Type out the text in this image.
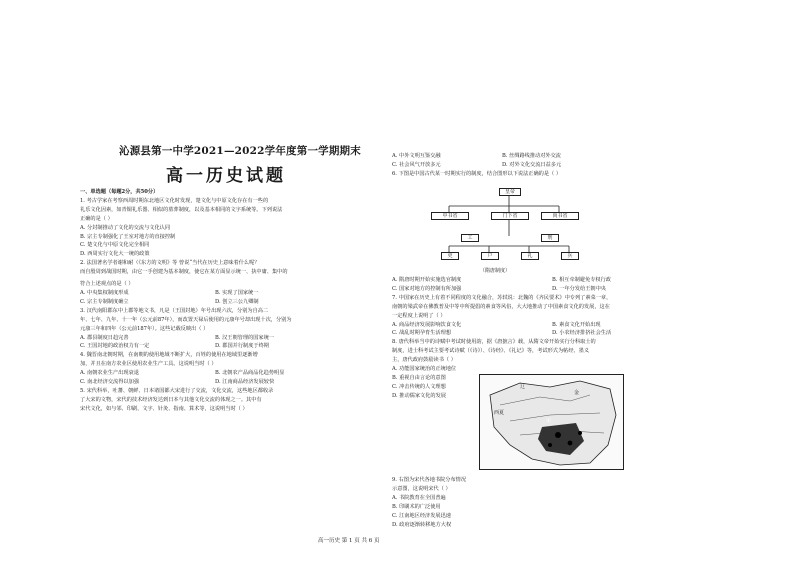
沁源县第一中学2021—2022学年度第一学期期末
高一历史试题
一、单选题（每题2分，共50分）
1. 考古学家在考察西周时期东北地区文化时发现，楚文化与中原文化存在有一些的
礼乐文化因素，如青铜礼乐器、相似的墓葬制度，以及基本相同的文字系统等。下列说法
正确的是（ ）
A. 分封制推动了文化的交流与文化认同
B. 宗主专制强化了王室对地方的直接控制
C. 楚文化与中原文化完全相同
D. 西周实行文化大一统的政策
2. 法国著名学者谢和耐（《东方的文明》等 曾说“当代在历史上意味着什么呢？
而自殷周到战国时期，由它一手创建为基本制度，使它在某方面显示统一、执中庸、集中的
符合上述观点的是（ ）
A. 中央集权制度形成	B. 实现了国家统一
C. 宗主专制制度确立	D. 创立三公九卿制
3. 汉代南阳郡东中上郡等地文书，凡是（王国封地）年号出现六次，分别为自高二
年、七年、九年、十一年（公元前87年），而改置天禄后使用的元康年号却出现十次，分别为
元康三年和四年（公元前187年）。这些记载反映出（ ）
A. 郡县制度日趋完善	B. 汉王朝管理的国家统一
C. 王国封地的政治权力有一定	D. 郡国并行制度于终期
4. 魏晋南北朝时期，在南朝的使用地域不断扩大，百姓的使用在地域里逐渐增
加，并且在南方农业区使用农业生产工具。这说明当时（ ）
A. 南朝农业生产出现衰退	B. 北朝农产品商品化趋势明显
C. 南北经济交流得以加强	D. 江南商品经济发展较快
5. 宋代科举，吐蕃、朝鲜、日本诸国都大宋进行了交流，文化交流，这些地区都收录
了大宋的文物，宋代的技术经济发达到日本与其他文化交流的体现之一。其中有
宋代文化，如与邻、印刷、文字、针灸、指南、算术等，这说明当时（ ）
A. 中外文明互鉴交融	B. 丝绸路线推动对外交流
C. 社会风气开放多元	D. 对外文化交流日益多元
6. 下图是中国古代某一时期实行的制度，结合图形以下说法正确的是（ ）
皇帝
中书省	门下省	尚书省
吏	户	礼	兵
刑
工
（隋唐制度）
A. 隋唐时期开始实施选官制度	B. 相互牵制避免专权行政
C. 国家对地方的控制有所加强	D. 一年分发给王朝中央
7. 中国家在历史上有着不同程度的文化融合，苏轼说：北魏的《齐民要术》中专列了素菜一章，
南朝的梁武帝在佛教普及中等中所提倡的素食等风俗，大大地推动了中国素食文化的发展，这在
一定程度上说明了（ ）
A. 商品经济发展影响饮食文化	B. 素食文化开始出现
C. 战乱时期孕育生活理想	D. 小农经济排挤社会生活
8. 唐代科举当中的诗赋中考试时使用韵，据《唐摭言》载，从隋文帝开始实行分科取士的
制度，进士科考试主要考试诗赋（《诗》）、《诗经》、《礼记》等，考试形式为帖经、墨义
主，唐代政府鼓励读书（ ）
A. 功能国家统治的正统地位
B. 重视自由言论的意图
C. 冲击传统的人文理想
D. 推动儒家文化的发展
9. 右图为宋代各地书院分布情况
示意图，这说明宋代（ ）
A. 书院教育在全国普遍
B. 印刷术的广泛使用
C. 江南地区经济发展迅速
D. 政府逐渐转移地方大权
辽
西夏
金
宋
高一历史 第 1 页 共 6 页
